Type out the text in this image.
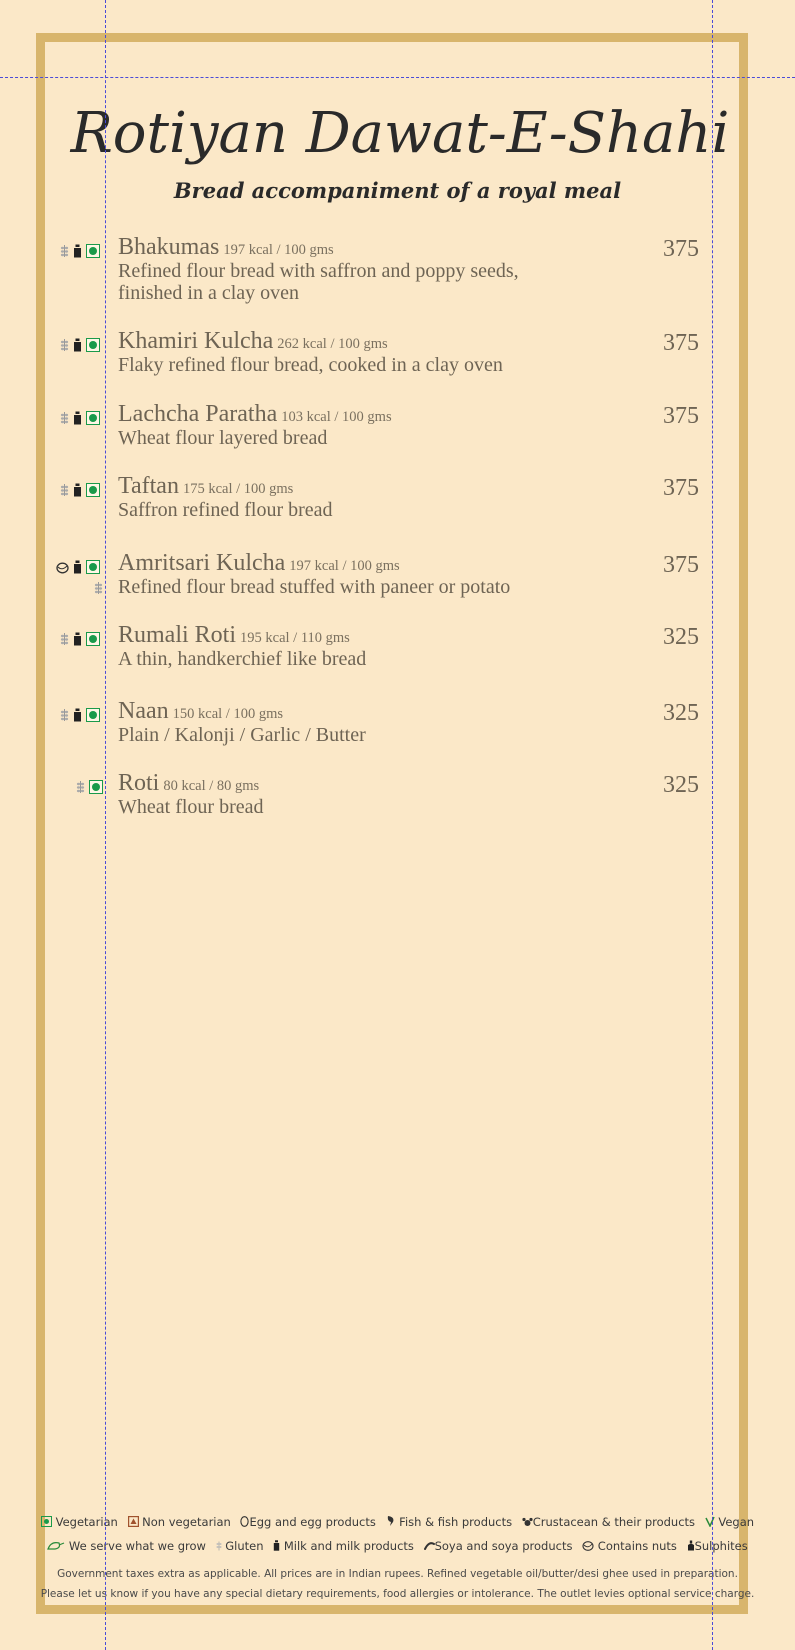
Rotiyan Dawat-E-Shahi
Bread accompaniment of a royal meal
Bhakumas 197 kcal / 100 gms
Refined flour bread with saffron and poppy seeds,
finished in a clay oven
375
Khamiri Kulcha 262 kcal / 100 gms
Flaky refined flour bread, cooked in a clay oven
375
Lachcha Paratha 103 kcal / 100 gms
Wheat flour layered bread
375
Taftan 175 kcal / 100 gms
Saffron refined flour bread
375
Amritsari Kulcha 197 kcal / 100 gms
Refined flour bread stuffed with paneer or potato
375
Rumali Roti 195 kcal / 110 gms
A thin, handkerchief like bread
325
Naan 150 kcal / 100 gms
Plain / Kalonji / Garlic / Butter
325
Roti 80 kcal / 80 gms
Wheat flour bread
325
Vegetarian Non vegetarian Egg and egg products Fish & fish products Crustacean & their products Vegan
We serve what we grow Gluten Milk and milk products Soya and soya products Contains nuts Sulphites
Government taxes extra as applicable. All prices are in Indian rupees. Refined vegetable oil/butter/desi ghee used in preparation.
Please let us know if you have any special dietary requirements, food allergies or intolerance. The outlet levies optional service charge.
